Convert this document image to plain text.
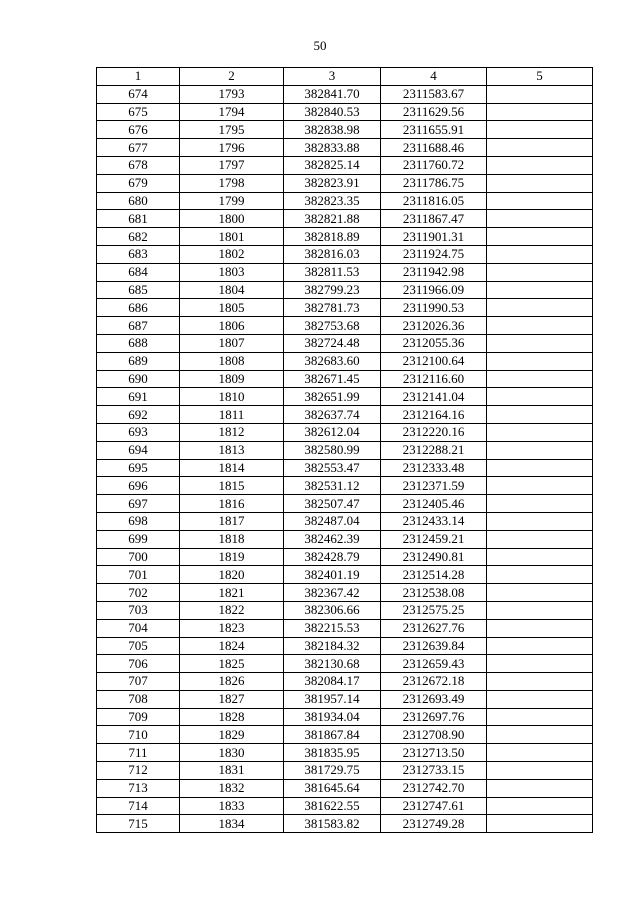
50
1	2	3	4	5
674	1793	382841.70	2311583.67	
675	1794	382840.53	2311629.56	
676	1795	382838.98	2311655.91	
677	1796	382833.88	2311688.46	
678	1797	382825.14	2311760.72	
679	1798	382823.91	2311786.75	
680	1799	382823.35	2311816.05	
681	1800	382821.88	2311867.47	
682	1801	382818.89	2311901.31	
683	1802	382816.03	2311924.75	
684	1803	382811.53	2311942.98	
685	1804	382799.23	2311966.09	
686	1805	382781.73	2311990.53	
687	1806	382753.68	2312026.36	
688	1807	382724.48	2312055.36	
689	1808	382683.60	2312100.64	
690	1809	382671.45	2312116.60	
691	1810	382651.99	2312141.04	
692	1811	382637.74	2312164.16	
693	1812	382612.04	2312220.16	
694	1813	382580.99	2312288.21	
695	1814	382553.47	2312333.48	
696	1815	382531.12	2312371.59	
697	1816	382507.47	2312405.46	
698	1817	382487.04	2312433.14	
699	1818	382462.39	2312459.21	
700	1819	382428.79	2312490.81	
701	1820	382401.19	2312514.28	
702	1821	382367.42	2312538.08	
703	1822	382306.66	2312575.25	
704	1823	382215.53	2312627.76	
705	1824	382184.32	2312639.84	
706	1825	382130.68	2312659.43	
707	1826	382084.17	2312672.18	
708	1827	381957.14	2312693.49	
709	1828	381934.04	2312697.76	
710	1829	381867.84	2312708.90	
711	1830	381835.95	2312713.50	
712	1831	381729.75	2312733.15	
713	1832	381645.64	2312742.70	
714	1833	381622.55	2312747.61	
715	1834	381583.82	2312749.28	
